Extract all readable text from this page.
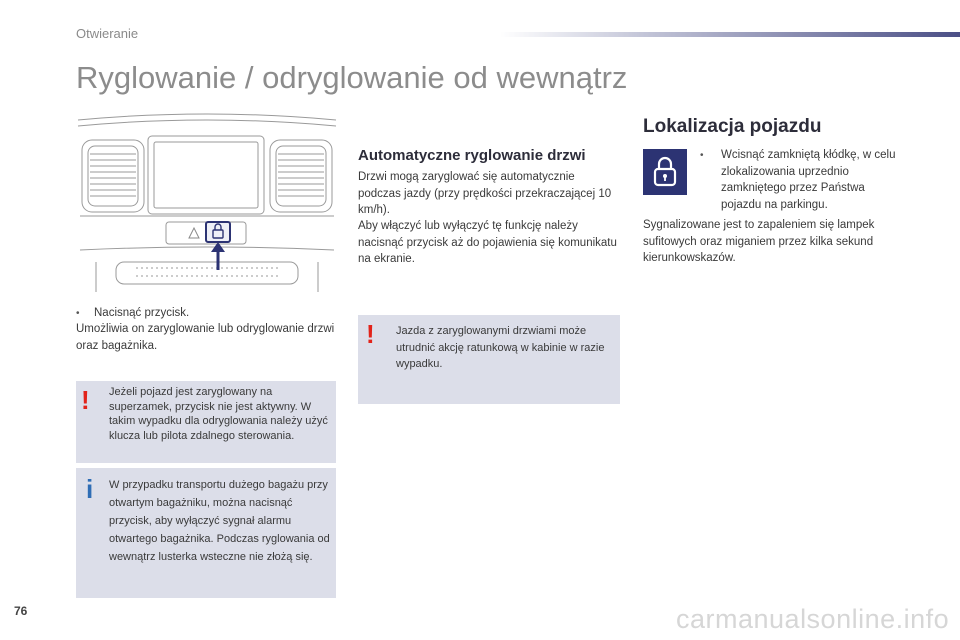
Otwieranie
Ryglowanie / odryglowanie od wewnątrz
• Nacisnąć przycisk.
Umożliwia on zaryglowanie lub odryglowanie drzwi oraz bagażnika.
! Jeżeli pojazd jest zaryglowany na superzamek, przycisk nie jest aktywny. W takim wypadku dla odryglowania należy użyć klucza lub pilota zdalnego sterowania.
i W przypadku transportu dużego bagażu przy otwartym bagażniku, można nacisnąć przycisk, aby wyłączyć sygnał alarmu otwartego bagażnika. Podczas ryglowania od wewnątrz lusterka wsteczne nie złożą się.
Automatyczne ryglowanie drzwi
Drzwi mogą zaryglować się automatycznie podczas jazdy (przy prędkości przekraczającej 10 km/h).
Aby włączyć lub wyłączyć tę funkcję należy nacisnąć przycisk aż do pojawienia się komunikatu na ekranie.
! Jazda z zaryglowanymi drzwiami może utrudnić akcję ratunkową w kabinie w razie wypadku.
Lokalizacja pojazdu
•	Wcisnąć zamkniętą kłódkę, w celu zlokalizowania uprzednio zamkniętego przez Państwa pojazdu na parkingu.
Sygnalizowane jest to zapaleniem się lampek sufitowych oraz miganiem przez kilka sekund kierunkowskazów.
76	carmanualsonline.info
